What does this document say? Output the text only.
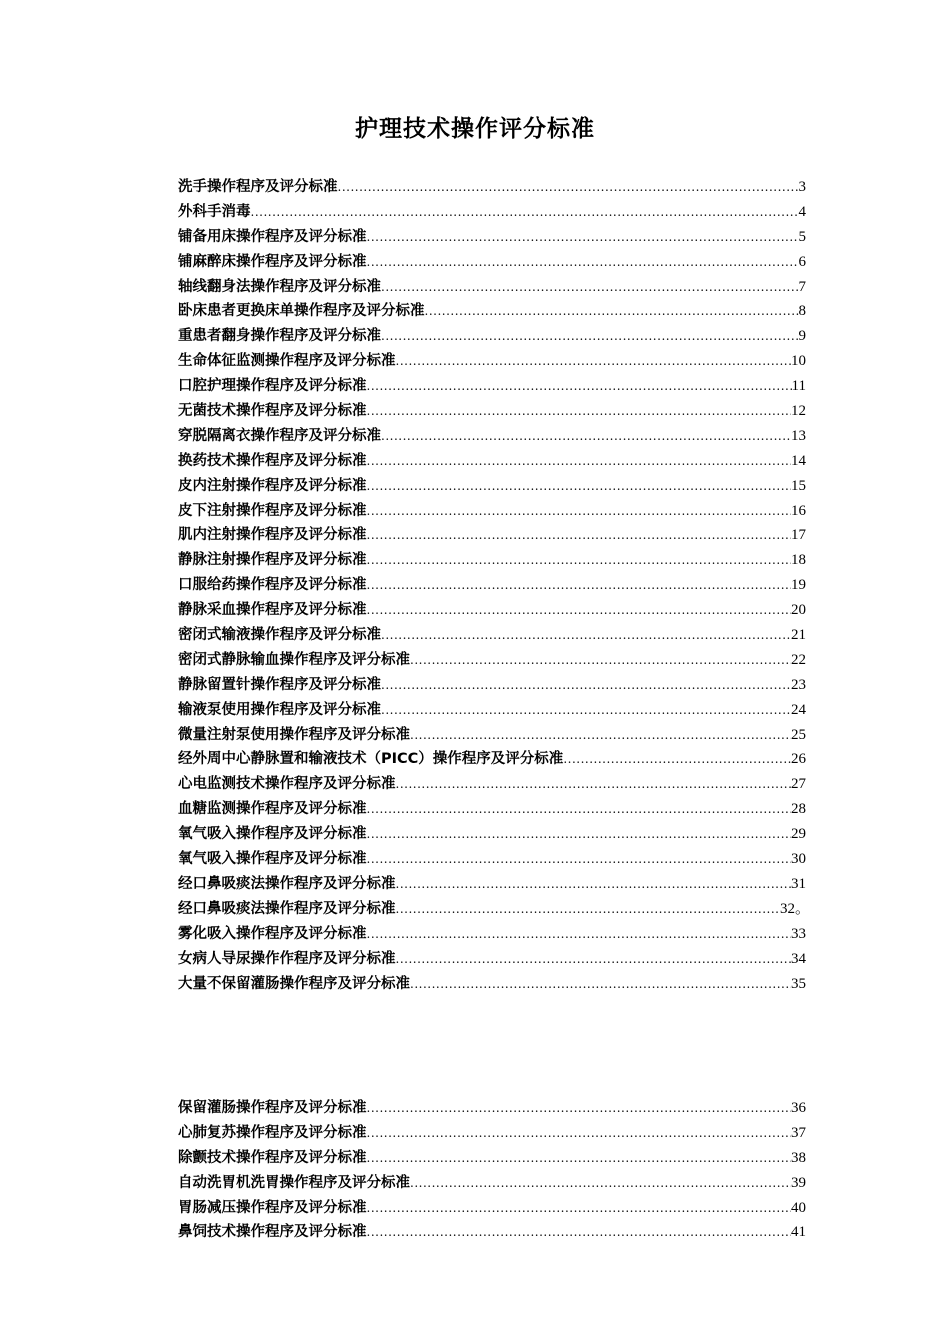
护理技术操作评分标准
洗手操作程序及评分标准 .....	3
外科手消毒 .....	4
铺备用床操作程序及评分标准 .....	5
铺麻醉床操作程序及评分标准 .....	6
轴线翻身法操作程序及评分标准 .....	7
卧床患者更换床单操作程序及评分标准 .....	8
重患者翻身操作程序及评分标准 .....	9
生命体征监测操作程序及评分标准 .....	10
口腔护理操作程序及评分标准 .....	11
无菌技术操作程序及评分标准 .....	12
穿脱隔离衣操作程序及评分标准 .....	13
换药技术操作程序及评分标准 .....	14
皮内注射操作程序及评分标准 .....	15
皮下注射操作程序及评分标准 .....	16
肌内注射操作程序及评分标准 .....	17
静脉注射操作程序及评分标准 .....	18
口服给药操作程序及评分标准 .....	19
静脉采血操作程序及评分标准 .....	20
密闭式输液操作程序及评分标准 .....	21
密闭式静脉输血操作程序及评分标准 .....	22
静脉留置针操作程序及评分标准 .....	23
输液泵使用操作程序及评分标准 .....	24
微量注射泵使用操作程序及评分标准 .....	25
经外周中心静脉置和输液技术（PICC）操作程序及评分标准 .....	26
心电监测技术操作程序及评分标准 .....	27
血糖监测操作程序及评分标准 .....	28
氧气吸入操作程序及评分标准 .....	29
氧气吸入操作程序及评分标准 .....	30
经口鼻吸痰法操作程序及评分标准 .....	31
经口鼻吸痰法操作程序及评分标准 .....	32。
雾化吸入操作程序及评分标准 .....	33
女病人导尿操作作程序及评分标准 .....	34
大量不保留灌肠操作程序及评分标准 .....	35
保留灌肠操作程序及评分标准 .....	36
心肺复苏操作程序及评分标准 .....	37
除颤技术操作程序及评分标准 .....	38
自动洗胃机洗胃操作程序及评分标准 .....	39
胃肠减压操作程序及评分标准 .....	40
鼻饲技术操作程序及评分标准 .....	41
